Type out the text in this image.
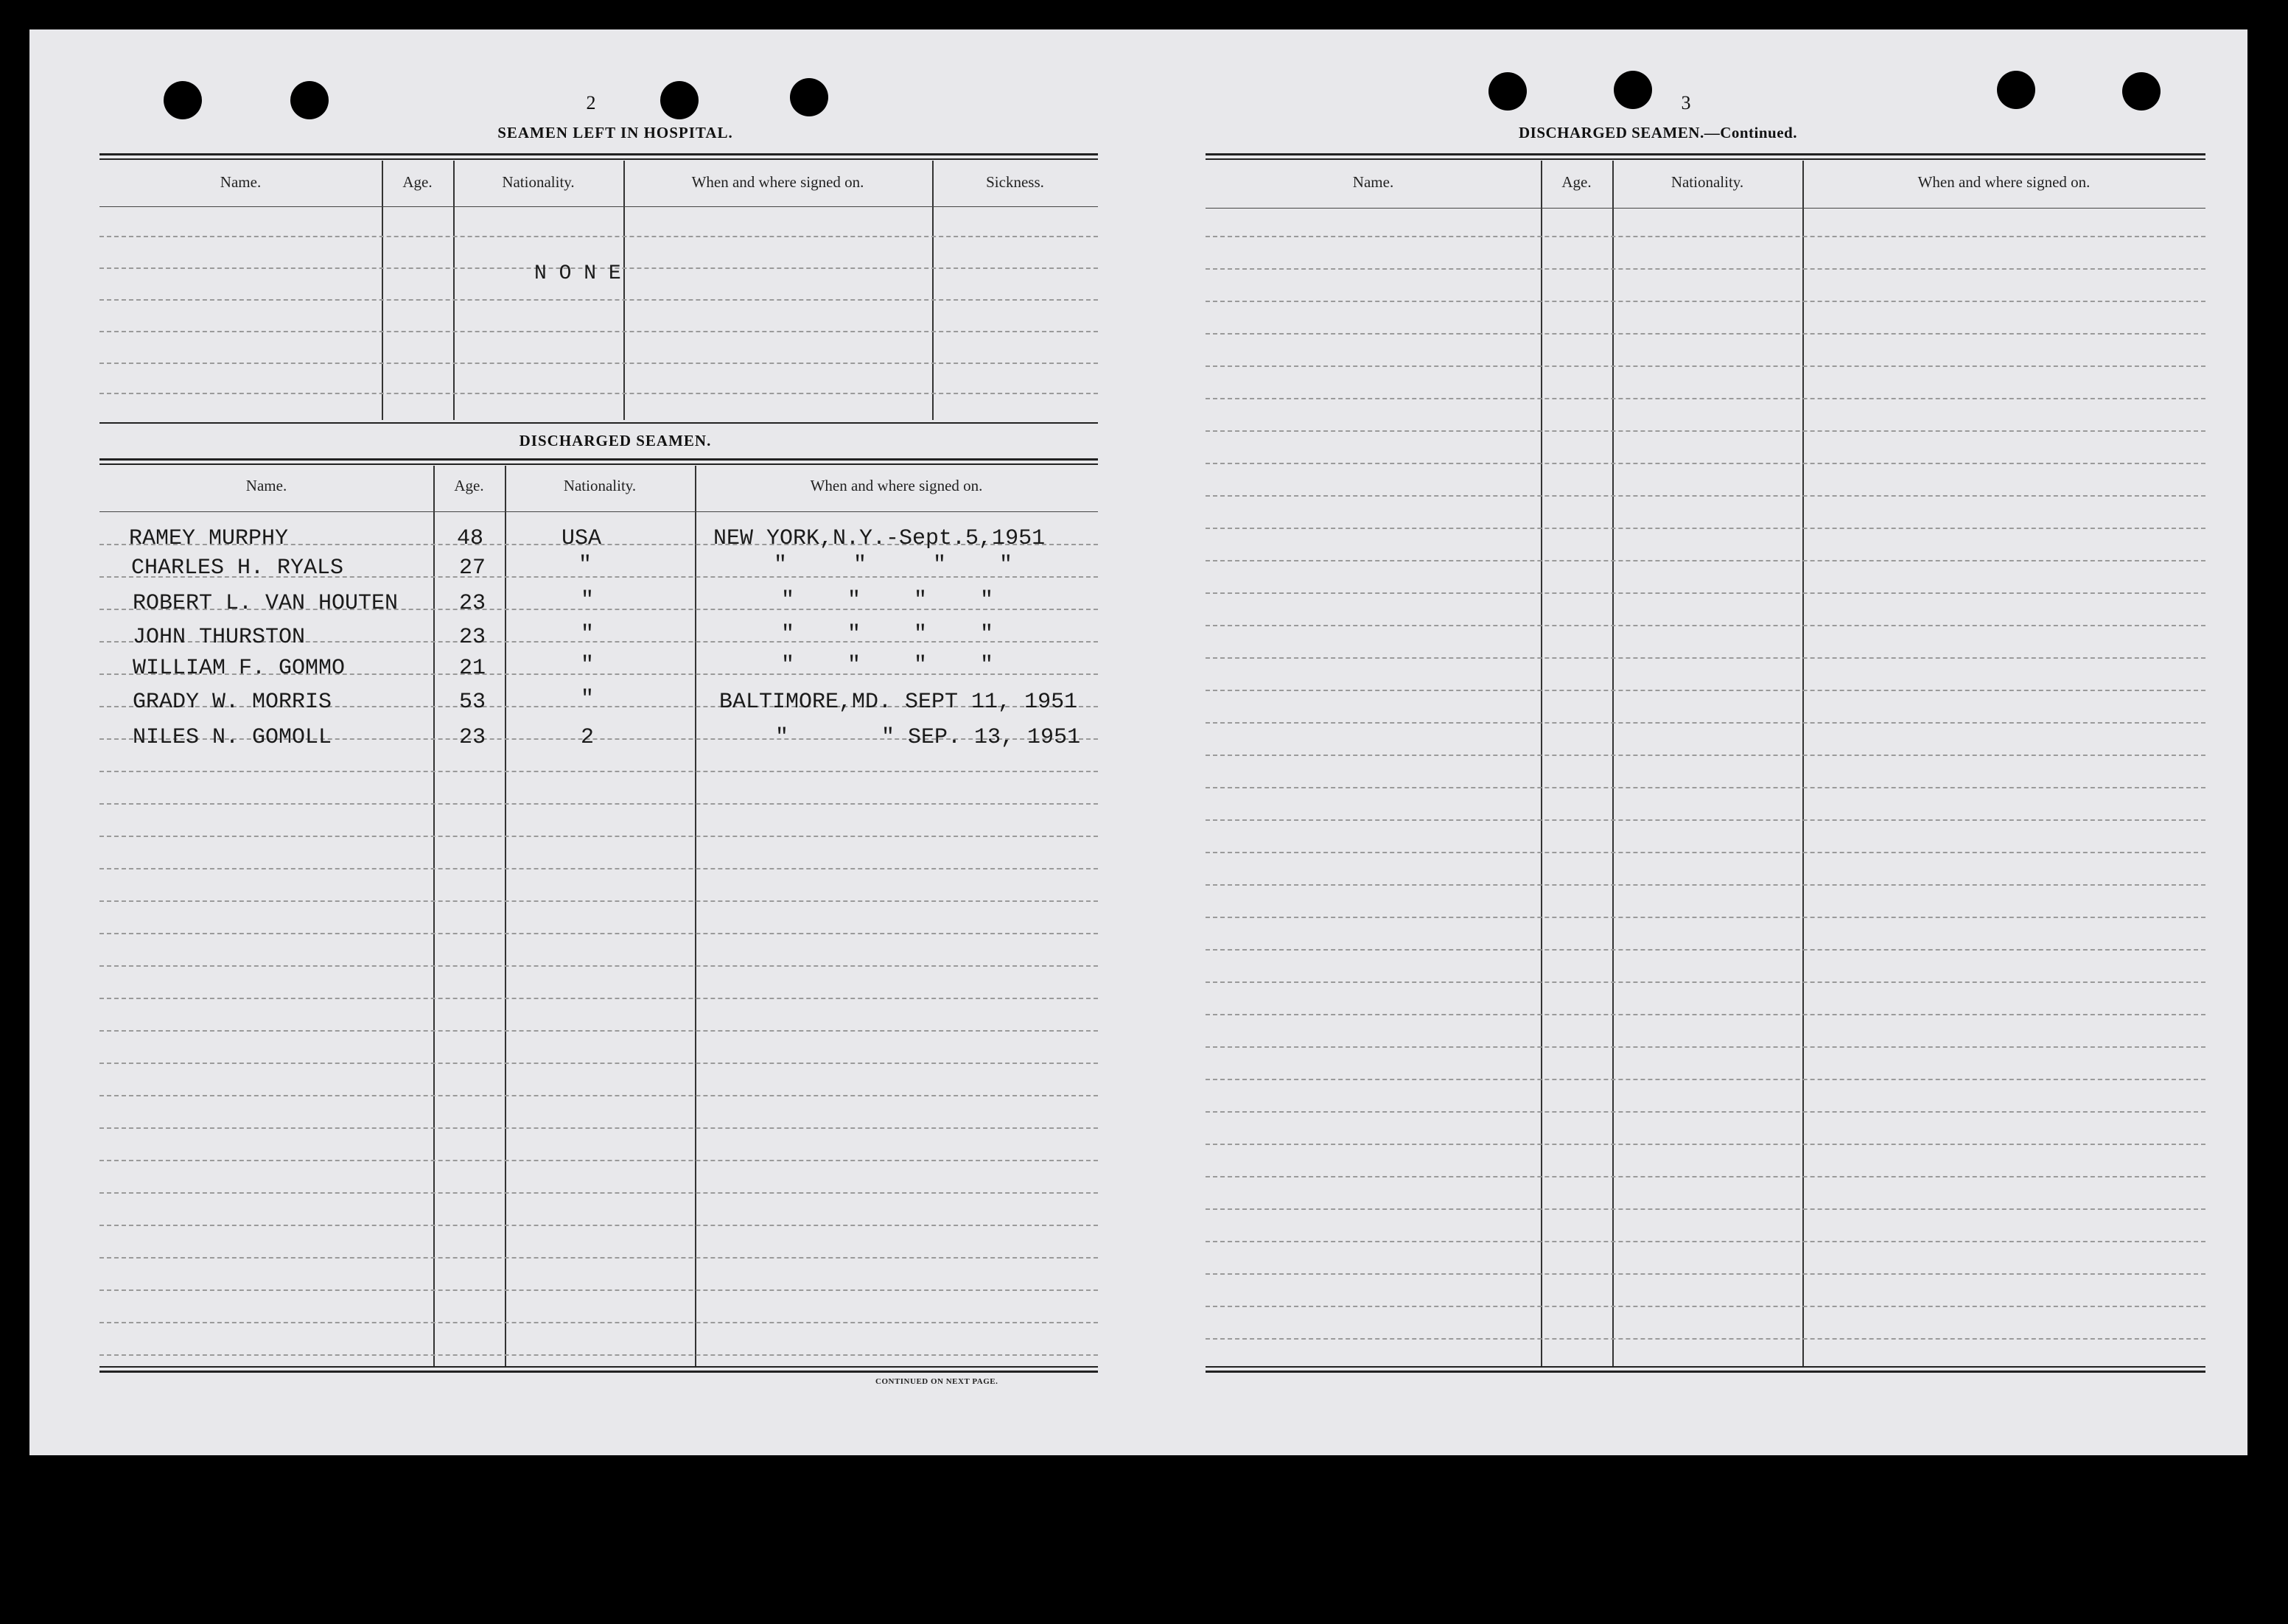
2
SEAMEN LEFT IN HOSPITAL.
Name.	Age.	Nationality.	When and where signed on.	Sickness.
N O N E
DISCHARGED SEAMEN.
Name.	Age.	Nationality.	When and where signed on.
RAMEY MURPHY	48	USA	NEW YORK,N.Y.-Sept.5,1951
CHARLES H. RYALS	27	"	"     "     "    "
ROBERT L. VAN HOUTEN	23	"	"    "    "    "
JOHN THURSTON	23	"	"    "    "    "
WILLIAM F. GOMMO	21	"	"    "    "    "
GRADY W. MORRIS	53	"	BALTIMORE,MD. SEPT 11, 1951
NILES N. GOMOLL	23	2	"       " SEP. 13, 1951
CONTINUED ON NEXT PAGE.
3
DISCHARGED SEAMEN.—Continued.
Name.	Age.	Nationality.	When and where signed on.
